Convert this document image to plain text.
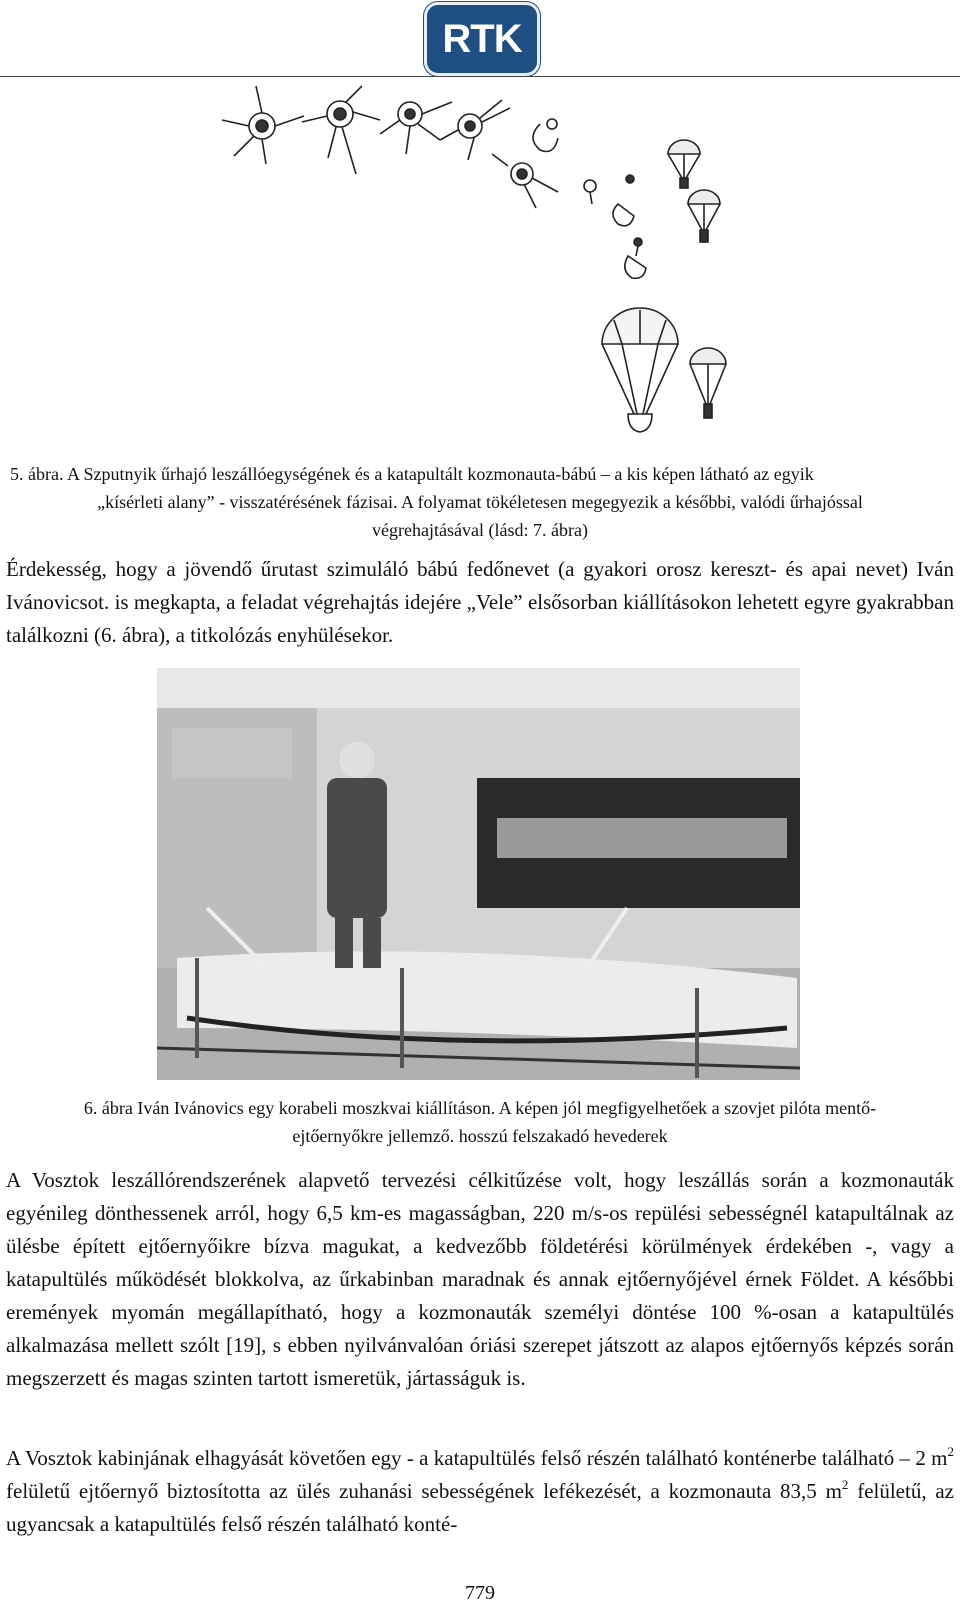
RTK
5. ábra. A Szputnyik űrhajó leszállóegységének és a katapultált kozmonauta-bábú – a kis képen látható az egyik
„kísérleti alany” - visszatérésének fázisai. A folyamat tökéletesen megegyezik a későbbi, valódi űrhajóssal
végrehajtásával (lásd: 7. ábra)

Érdekesség, hogy a jövendő űrutast szimuláló bábú fedőnevet (a gyakori orosz kereszt- és apai nevet) Iván Ivánovicsot. is megkapta, a feladat végrehajtás idejére „Vele” elsősorban kiállításokon lehetett egyre gyakrabban találkozni (6. ábra), a titkolózás enyhülésekor.

6. ábra Iván Ivánovics egy korabeli moszkvai kiállításon. A képen jól megfigyelhetőek a szovjet pilóta mentő-
ejtőernyőkre jellemző. hosszú felszakadó hevederek

A Vosztok leszállórendszerének alapvető tervezési célkitűzése volt, hogy leszállás során a kozmonauták egyénileg dönthessenek arról, hogy 6,5 km-es magasságban, 220 m/s-os repülési sebességnél katapultálnak az ülésbe épített ejtőernyőikre bízva magukat, a kedvezőbb földetérési körülmények érdekében -, vagy a katapultülés működését blokkolva, az űrkabinban maradnak és annak ejtőernyőjével érnek Földet. A későbbi eremények myomán megállapítható, hogy a kozmonauták személyi döntése 100 %-osan a katapultülés alkalmazása mellett szólt [19], s ebben nyilvánvalóan óriási szerepet játszott az alapos ejtőernyős képzés során megszerzett és magas szinten tartott ismeretük, jártasságuk is.

A Vosztok kabinjának elhagyását követően egy - a katapultülés felső részén található konténerbe található – 2 $m^2$ felületű ejtőernyő biztosította az ülés zuhanási sebességének lefékezését, a kozmonauta 83,5 $m^2$ felületű, az ugyancsak a katapultülés felső részén található konté-

779
